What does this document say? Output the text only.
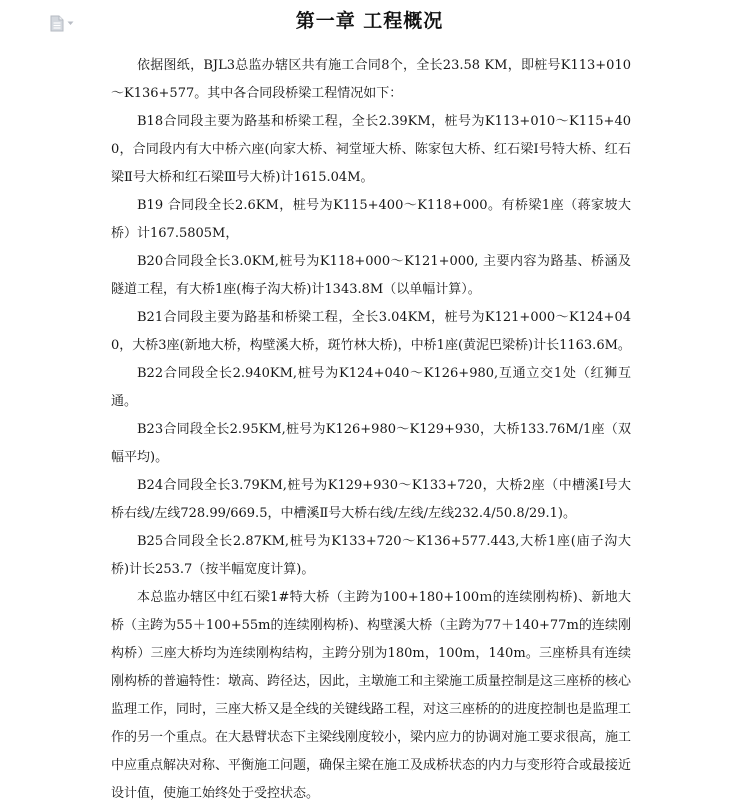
第一章 工程概况

依据图纸，BJL3总监办辖区共有施工合同8个，全长23.58 KM，即桩号K113+010～K136+577。其中各合同段桥梁工程情况如下：

B18合同段主要为路基和桥梁工程，全长2.39KM，桩号为K113+010～K115+400，合同段内有大中桥六座(向家大桥、祠堂垭大桥、陈家包大桥、红石梁Ⅰ号特大桥、红石梁Ⅱ号大桥和红石梁Ⅲ号大桥)计1615.04M。

B19 合同段全长2.6KM，桩号为K115+400～K118+000。有桥梁1座（蒋家坡大桥）计167.5805M，

B20合同段全长3.0KM,桩号为K118+000～K121+000, 主要内容为路基、桥涵及隧道工程，有大桥1座(梅子沟大桥)计1343.8M（以单幅计算）。

B21合同段主要为路基和桥梁工程，全长3.04KM，桩号为K121+000～K124+040，大桥3座(新地大桥，构壁溪大桥，斑竹林大桥)，中桥1座(黄泥巴梁桥)计长1163.6M。

B22合同段全长2.940KM,桩号为K124+040～K126+980,互通立交1处（红狮互通。

B23合同段全长2.95KM,桩号为K126+980～K129+930，大桥133.76M/1座（双幅平均)。

B24合同段全长3.79KM,桩号为K129+930～K133+720，大桥2座（中槽溪Ⅰ号大桥右线/左线728.99/669.5，中槽溪Ⅱ号大桥右线/左线/左线232.4/50.8/29.1)。

B25合同段全长2.87KM,桩号为K133+720～K136+577.443,大桥1座(庙子沟大桥)计长253.7（按半幅宽度计算)。

本总监办辖区中红石梁1#特大桥（主跨为100+180+100ｍ的连续刚构桥)、新地大桥（主跨为55＋100+55m的连续刚构桥)、构壁溪大桥（主跨为77＋140+77m的连续刚构桥）三座大桥均为连续刚构结构，主跨分别为180m，100m，140m。三座桥具有连续刚构桥的普遍特性：墩高、跨径达，因此，主墩施工和主梁施工质量控制是这三座桥的核心监理工作，同时，三座大桥又是全线的关键线路工程，对这三座桥的的进度控制也是监理工作的另一个重点。在大悬臂状态下主梁线刚度较小，梁内应力的协调对施工要求很高，施工中应重点解决对称、平衡施工问题，确保主梁在施工及成桥状态的内力与变形符合或最接近设计值，使施工始终处于受控状态。
